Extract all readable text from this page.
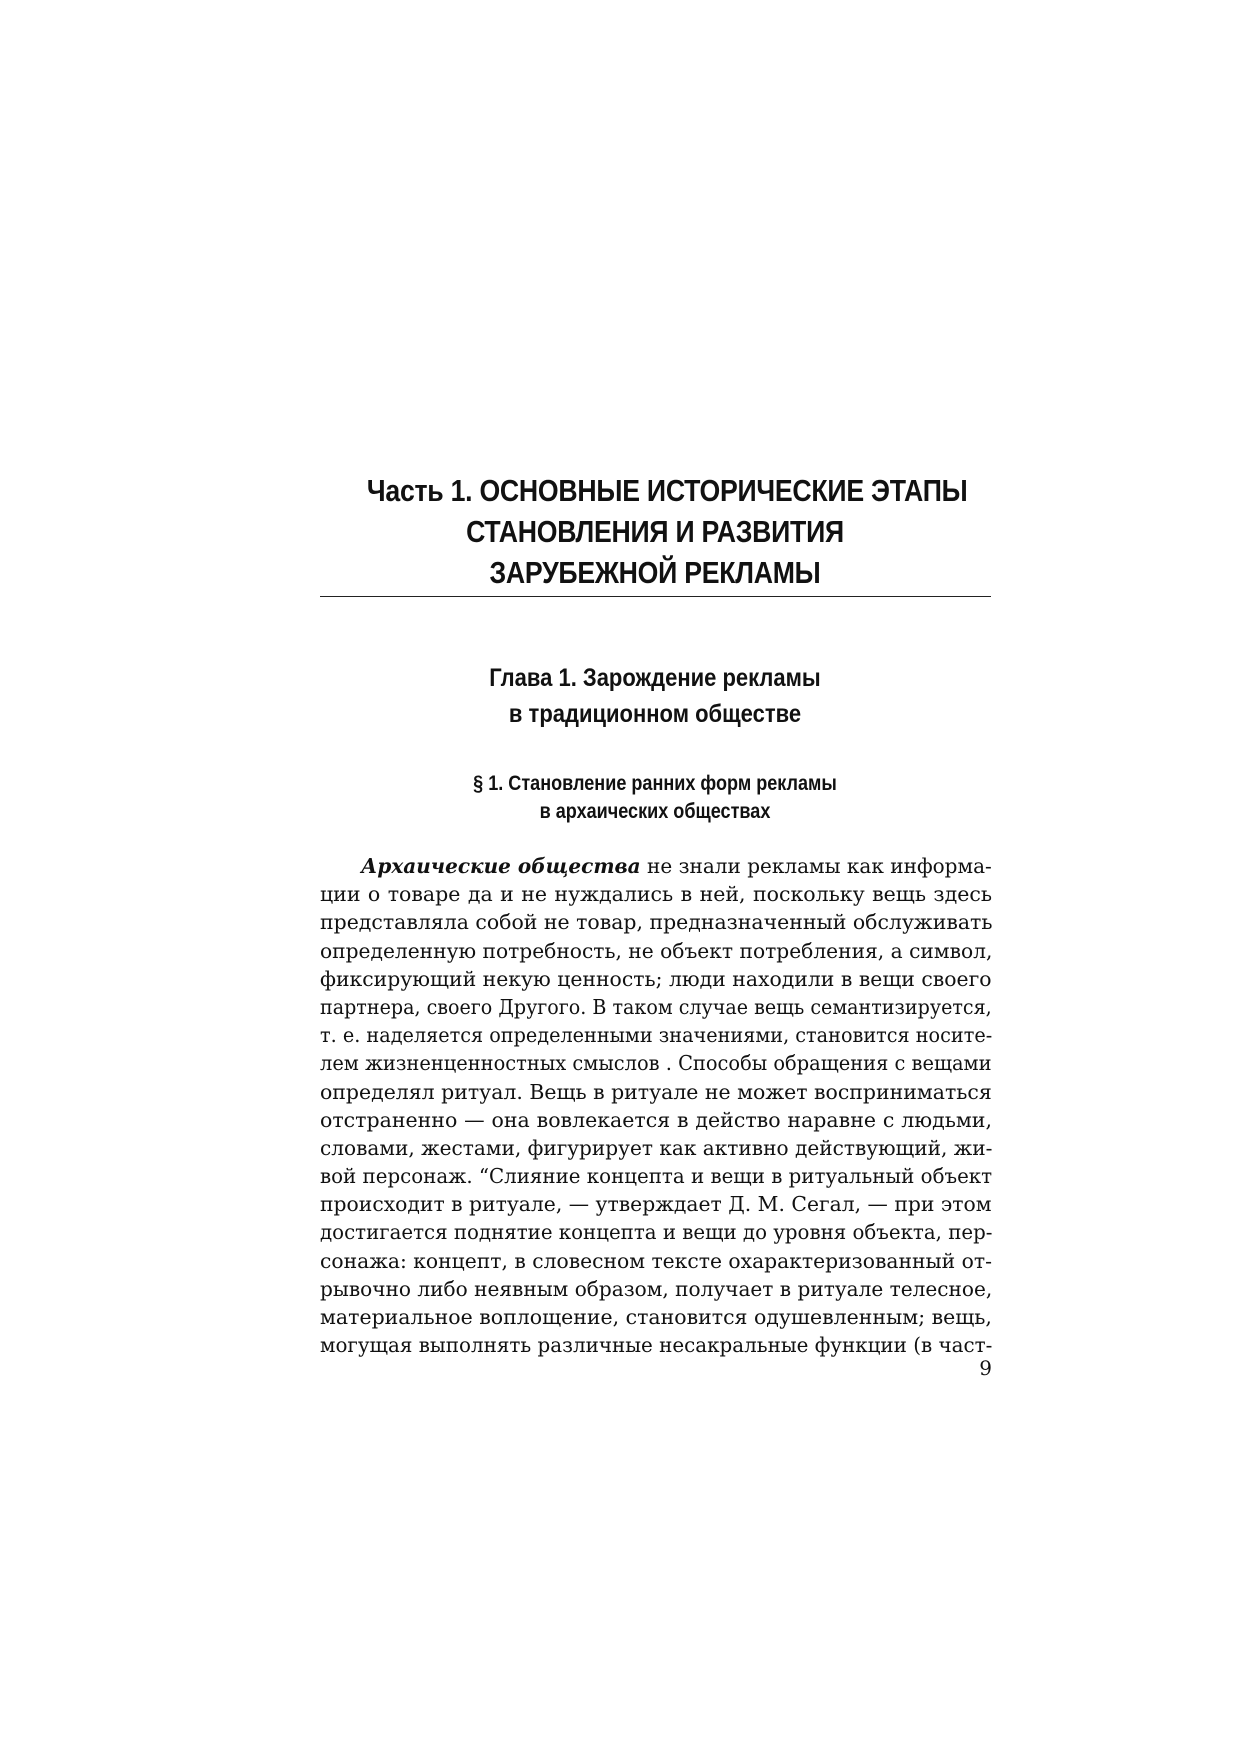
Часть 1. ОСНОВНЫЕ ИСТОРИЧЕСКИЕ ЭТАПЫ
СТАНОВЛЕНИЯ И РАЗВИТИЯ
ЗАРУБЕЖНОЙ РЕКЛАМЫ
Глава 1. Зарождение рекламы
в традиционном обществе
§ 1. Становление ранних форм рекламы
в архаических обществах
Архаические общества не знали рекламы как информа-
ции о товаре да и не нуждались в ней, поскольку вещь здесь
представляла собой не товар, предназначенный обслуживать
определенную потребность, не объект потребления, а символ,
фиксирующий некую ценность; люди находили в вещи своего
партнера, своего Другого. В таком случае вещь семантизируется,
т. е. наделяется определенными значениями, становится носите-
лем жизненценностных смыслов . Способы обращения с вещами
определял ритуал. Вещь в ритуале не может восприниматься
отстраненно — она вовлекается в действо наравне с людьми,
словами, жестами, фигурирует как активно действующий, жи-
вой персонаж. “Слияние концепта и вещи в ритуальный объект
происходит в ритуале, — утверждает Д. М. Сегал, — при этом
достигается поднятие концепта и вещи до уровня объекта, пер-
сонажа: концепт, в словесном тексте охарактеризованный от-
рывочно либо неявным образом, получает в ритуале телесное,
материальное воплощение, становится одушевленным; вещь,
могущая выполнять различные несакральные функции (в част-
9
